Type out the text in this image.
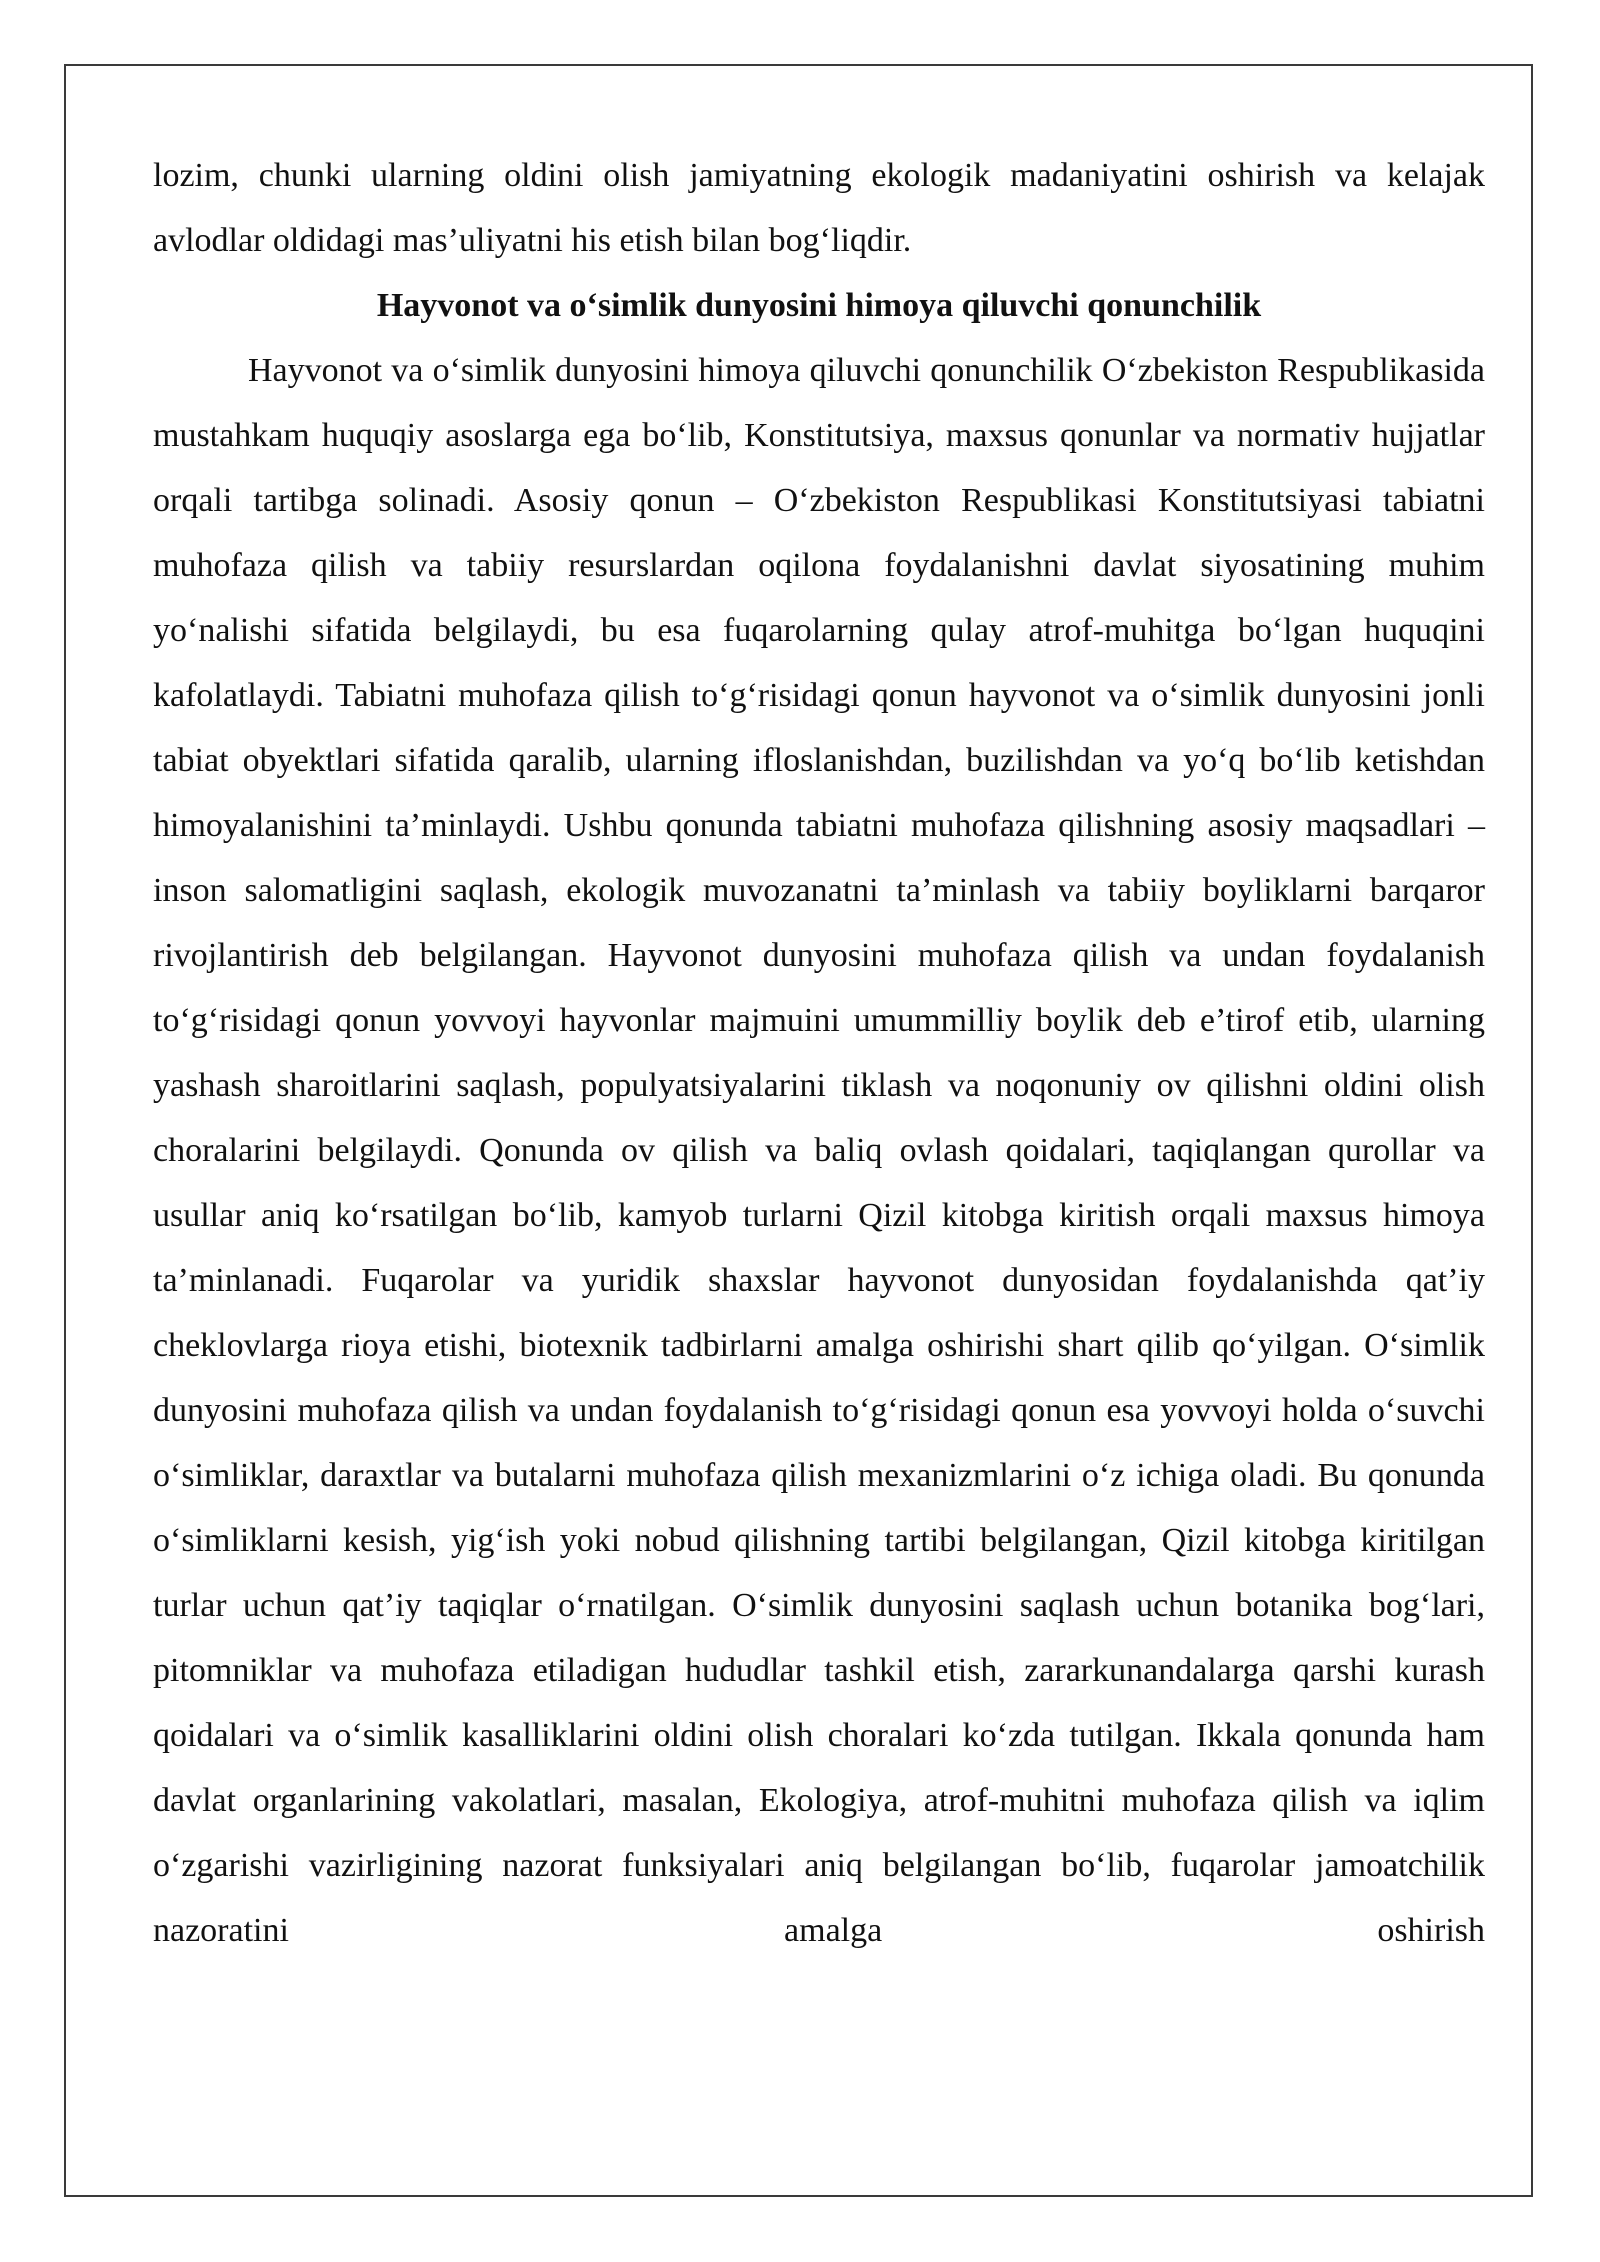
lozim, chunki ularning oldini olish jamiyatning ekologik madaniyatini oshirish va kelajak avlodlar oldidagi mas’uliyatni his etish bilan bog‘liqdir.

Hayvonot va o‘simlik dunyosini himoya qiluvchi qonunchilik

Hayvonot va o‘simlik dunyosini himoya qiluvchi qonunchilik O‘zbekiston Respublikasida mustahkam huquqiy asoslarga ega bo‘lib, Konstitutsiya, maxsus qonunlar va normativ hujjatlar orqali tartibga solinadi. Asosiy qonun – O‘zbekiston Respublikasi Konstitutsiyasi tabiatni muhofaza qilish va tabiiy resurslardan oqilona foydalanishni davlat siyosatining muhim yo‘nalishi sifatida belgilaydi, bu esa fuqarolarning qulay atrof-muhitga bo‘lgan huquqini kafolatlaydi. Tabiatni muhofaza qilish to‘g‘risidagi qonun hayvonot va o‘simlik dunyosini jonli tabiat obyektlari sifatida qaralib, ularning ifloslanishdan, buzilishdan va yo‘q bo‘lib ketishdan himoyalanishini ta’minlaydi. Ushbu qonunda tabiatni muhofaza qilishning asosiy maqsadlari – inson salomatligini saqlash, ekologik muvozanatni ta’minlash va tabiiy boyliklarni barqaror rivojlantirish deb belgilangan. Hayvonot dunyosini muhofaza qilish va undan foydalanish to‘g‘risidagi qonun yovvoyi hayvonlar majmuini umummilliy boylik deb e’tirof etib, ularning yashash sharoitlarini saqlash, populyatsiyalarini tiklash va noqonuniy ov qilishni oldini olish choralarini belgilaydi. Qonunda ov qilish va baliq ovlash qoidalari, taqiqlangan qurollar va usullar aniq ko‘rsatilgan bo‘lib, kamyob turlarni Qizil kitobga kiritish orqali maxsus himoya ta’minlanadi. Fuqarolar va yuridik shaxslar hayvonot dunyosidan foydalanishda qat’iy cheklovlarga rioya etishi, biotexnik tadbirlarni amalga oshirishi shart qilib qo‘yilgan. O‘simlik dunyosini muhofaza qilish va undan foydalanish to‘g‘risidagi qonun esa yovvoyi holda o‘suvchi o‘simliklar, daraxtlar va butalarni muhofaza qilish mexanizmlarini o‘z ichiga oladi. Bu qonunda o‘simliklarni kesish, yig‘ish yoki nobud qilishning tartibi belgilangan, Qizil kitobga kiritilgan turlar uchun qat’iy taqiqlar o‘rnatilgan. O‘simlik dunyosini saqlash uchun botanika bog‘lari, pitomniklar va muhofaza etiladigan hududlar tashkil etish, zararkunandalarga qarshi kurash qoidalari va o‘simlik kasalliklarini oldini olish choralari ko‘zda tutilgan. Ikkala qonunda ham davlat organlarining vakolatlari, masalan, Ekologiya, atrof-muhitni muhofaza qilish va iqlim o‘zgarishi vazirligining nazorat funksiyalari aniq belgilangan bo‘lib, fuqarolar jamoatchilik nazoratini amalga oshirish
